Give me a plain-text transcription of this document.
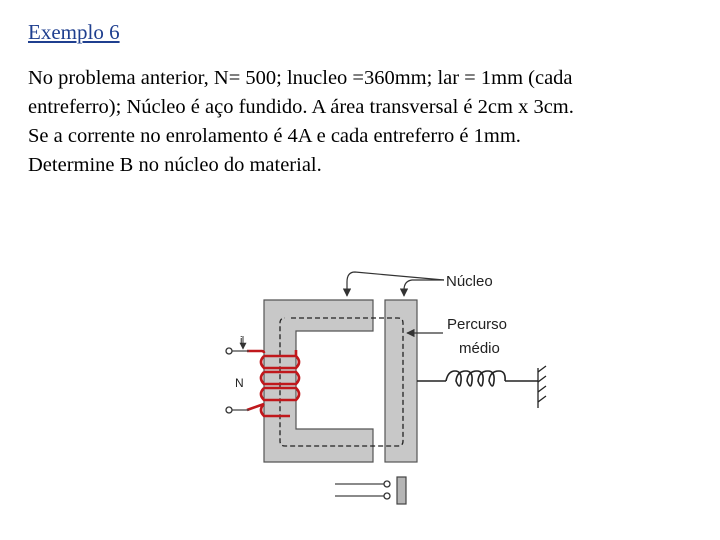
Exemplo 6
No problema anterior, N= 500; lnucleo =360mm; lar = 1mm (cada
entreferro); Núcleo é aço fundido. A área transversal é 2cm x 3cm.
Se a corrente no enrolamento é 4A e cada entreferro é 1mm.
Determine B no núcleo do material.
i
N
Núcleo
Percurso
médio
